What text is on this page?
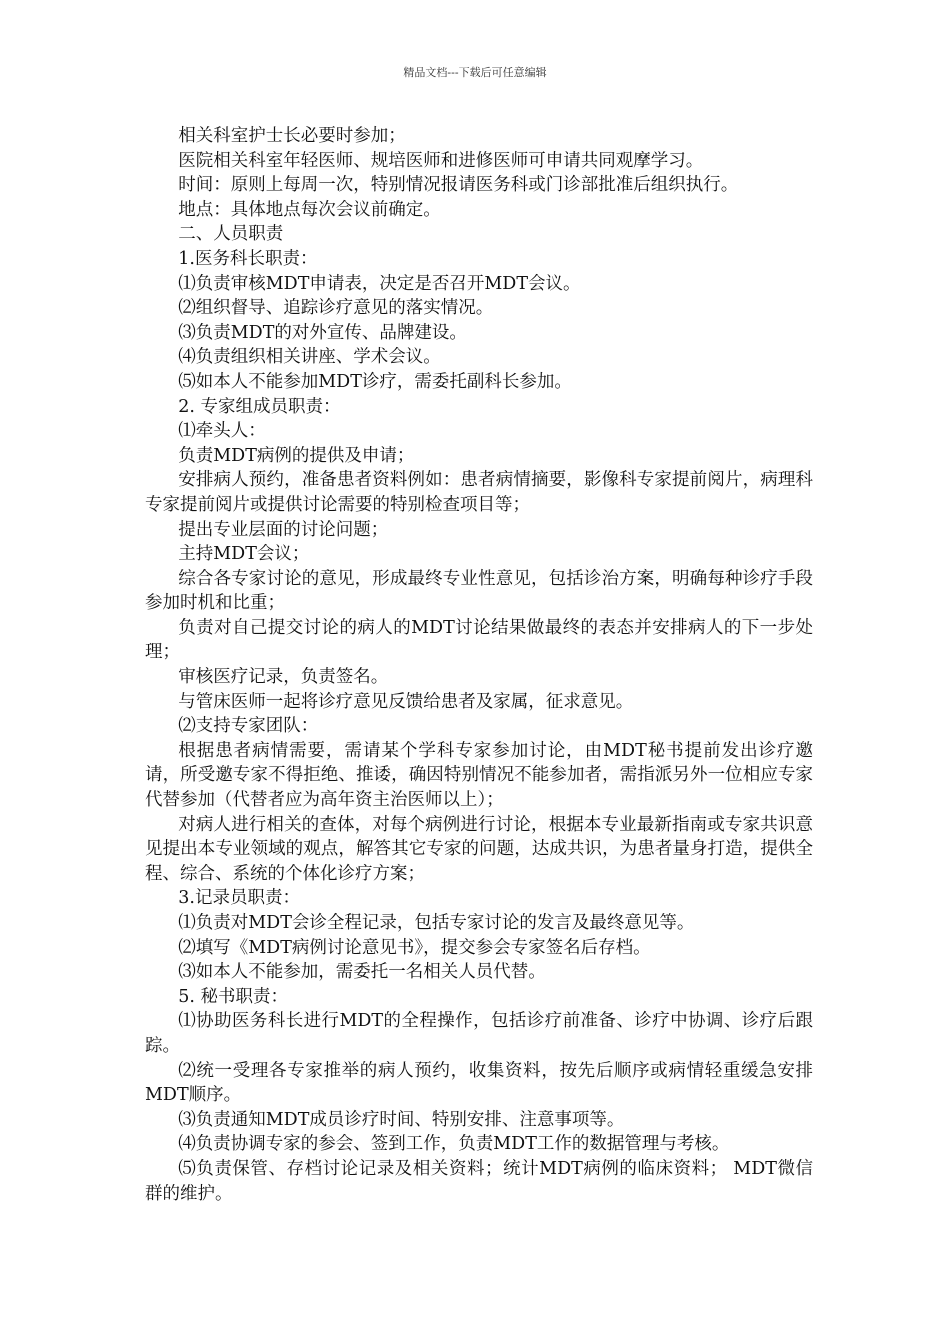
精品文档---下载后可任意编辑

相关科室护士长必要时参加；

医院相关科室年轻医师、规培医师和进修医师可申请共同观摩学习。

时间：原则上每周一次，特别情况报请医务科或门诊部批准后组织执行。

地点：具体地点每次会议前确定。

二、人员职责

1.医务科长职责：

⑴负责审核MDT申请表，决定是否召开MDT会议。

⑵组织督导、追踪诊疗意见的落实情况。

⑶负责MDT的对外宣传、品牌建设。

⑷负责组织相关讲座、学术会议。

⑸如本人不能参加MDT诊疗，需委托副科长参加。

2. 专家组成员职责：

⑴牵头人：

负责MDT病例的提供及申请；

安排病人预约，准备患者资料例如：患者病情摘要，影像科专家提前阅片，病理科专家提前阅片或提供讨论需要的特别检查项目等；

提出专业层面的讨论问题；

主持MDT会议；

综合各专家讨论的意见，形成最终专业性意见，包括诊治方案，明确每种诊疗手段参加时机和比重；

负责对自己提交讨论的病人的MDT讨论结果做最终的表态并安排病人的下一步处理；

审核医疗记录，负责签名。

与管床医师一起将诊疗意见反馈给患者及家属，征求意见。

⑵支持专家团队：

根据患者病情需要，需请某个学科专家参加讨论，由MDT秘书提前发出诊疗邀请，所受邀专家不得拒绝、推诿，确因特别情况不能参加者，需指派另外一位相应专家代替参加（代替者应为高年资主治医师以上）；

对病人进行相关的查体，对每个病例进行讨论，根据本专业最新指南或专家共识意见提出本专业领域的观点，解答其它专家的问题，达成共识，为患者量身打造，提供全程、综合、系统的个体化诊疗方案；

3.记录员职责：

⑴负责对MDT会诊全程记录，包括专家讨论的发言及最终意见等。

⑵填写《MDT病例讨论意见书》，提交参会专家签名后存档。

⑶如本人不能参加，需委托一名相关人员代替。

5. 秘书职责：

⑴协助医务科长进行MDT的全程操作，包括诊疗前准备、诊疗中协调、诊疗后跟踪。

⑵统一受理各专家推举的病人预约，收集资料，按先后顺序或病情轻重缓急安排MDT顺序。

⑶负责通知MDT成员诊疗时间、特别安排、注意事项等。

⑷负责协调专家的参会、签到工作，负责MDT工作的数据管理与考核。

⑸负责保管、存档讨论记录及相关资料；统计MDT病例的临床资料； MDT微信群的维护。
